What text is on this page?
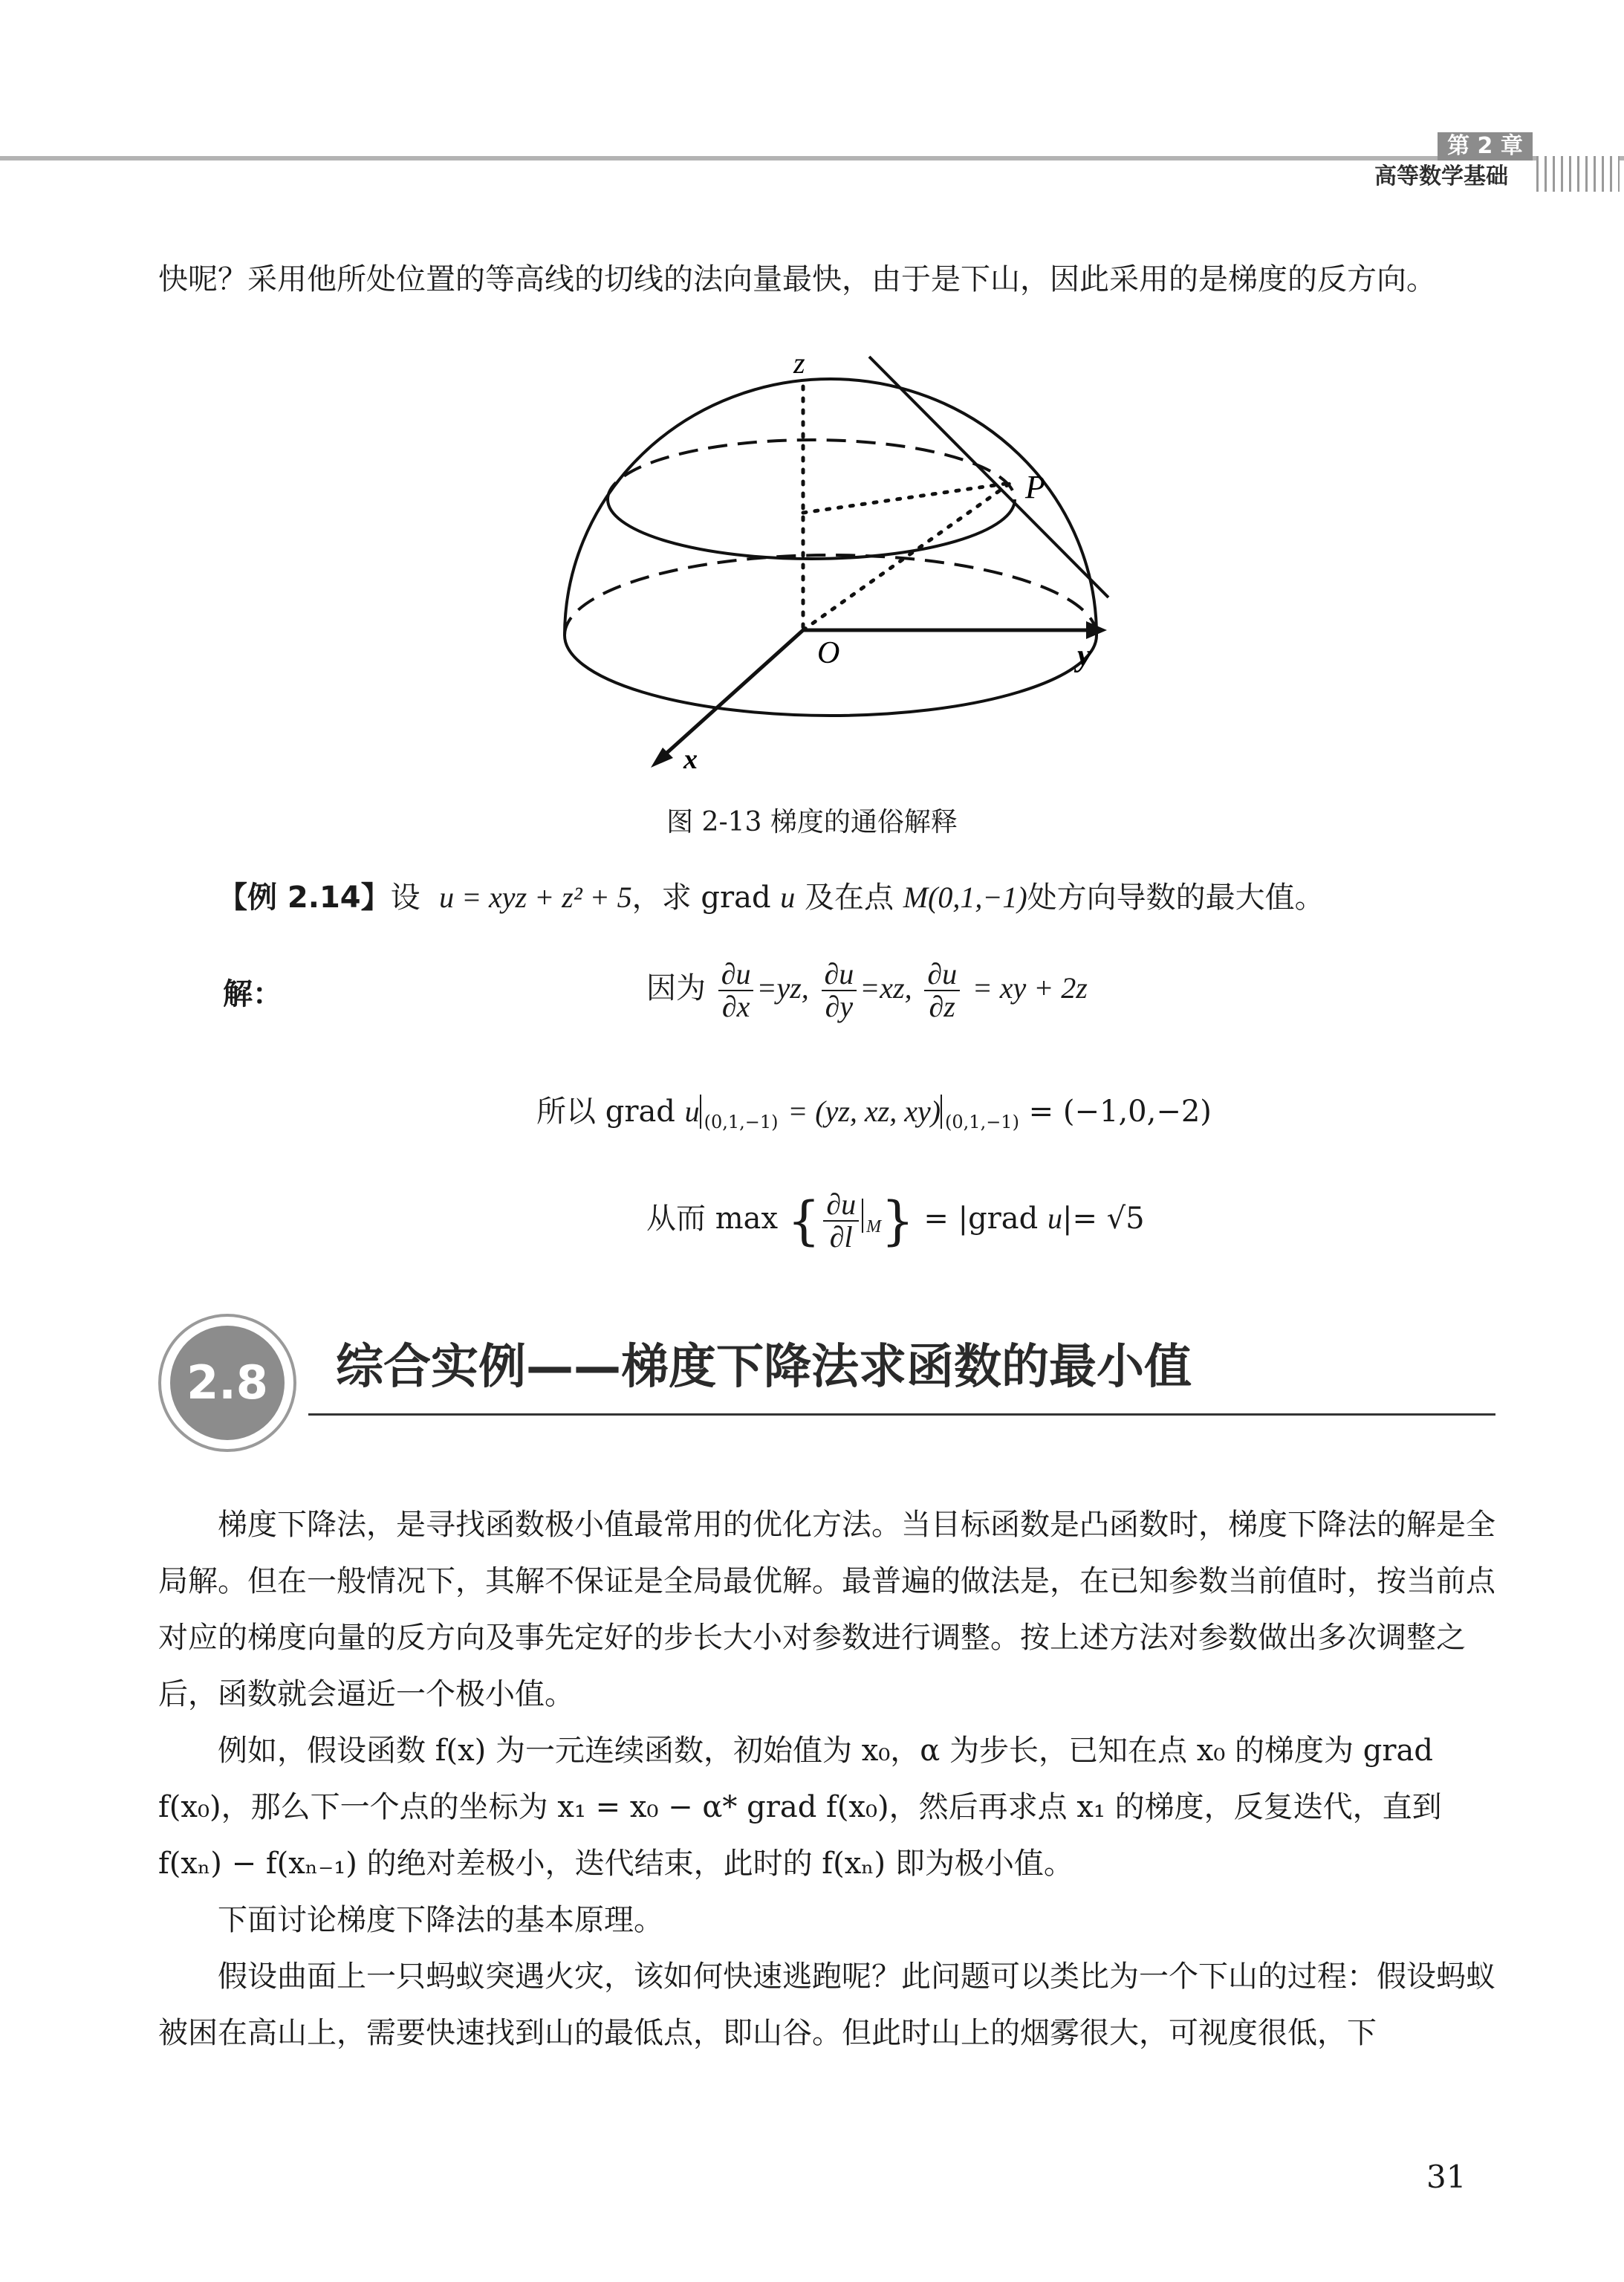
第 2 章
高等数学基础

快呢？采用他所处位置的等高线的切线的法向量最快，由于是下山，因此采用的是梯度的反方向。

z
P
O	y
x
图 2-13 梯度的通俗解释
【例 2.14】设 u = xyz + z² + 5，求 grad u 及在点 M(0,1,−1)处方向导数的最大值。
解：	因为 $\frac{\partial u}{\partial x} =yz$, $\frac{\partial u}{\partial y} =xz$, $\frac{\partial u}{\partial z}$ = xy + 2z
所以 grad u $_{(0,1,-1)}$ = (yz, xz, xy) $_{(0,1,-1)}$ = (−1,0,−2)
从而 max { $\frac{\partial u}{\partial l} _M$} = |grad u|= √5
2.8	综合实例——梯度下降法求函数的最小值

梯度下降法，是寻找函数极小值最常用的优化方法。当目标函数是凸函数时，梯度下降法的解是全局解。但在一般情况下，其解不保证是全局最优解。最普遍的做法是，在已知参数当前值时，按当前点对应的梯度向量的反方向及事先定好的步长大小对参数进行调整。按上述方法对参数做出多次调整之后，函数就会逼近一个极小值。

例如，假设函数 f(x) 为一元连续函数，初始值为 x₀，α 为步长，已知在点 x₀ 的梯度为 grad f(x₀)，那么下一个点的坐标为 x₁ = x₀ − α* grad f(x₀)，然后再求点 x₁ 的梯度，反复迭代，直到 f(xₙ) − f(xₙ₋₁) 的绝对差极小，迭代结束，此时的 f(xₙ) 即为极小值。

下面讨论梯度下降法的基本原理。

假设曲面上一只蚂蚁突遇火灾，该如何快速逃跑呢？此问题可以类比为一个下山的过程：假设蚂蚁被困在高山上，需要快速找到山的最低点，即山谷。但此时山上的烟雾很大，可视度很低，下

31
